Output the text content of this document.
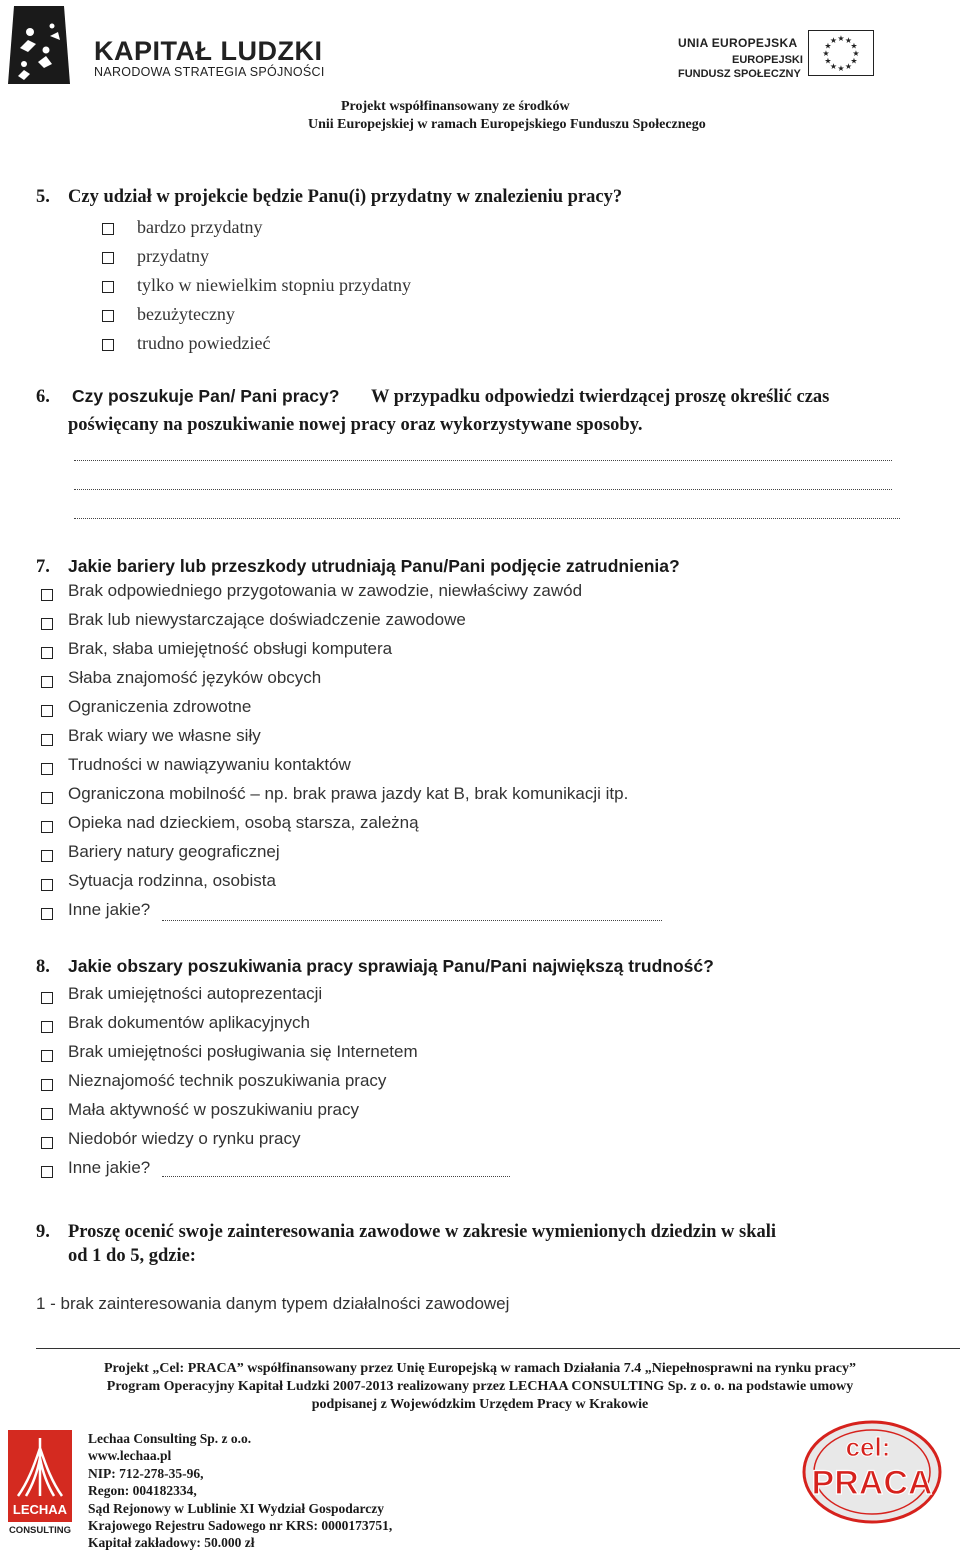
KAPITAŁ LUDZKI
NARODOWA STRATEGIA SPÓJNOŚCI
UNIA EUROPEJSKA
EUROPEJSKI
FUNDUSZ SPOŁECZNY
★
★
★
★
★
★
★
★
★ ★ ★
★
Projekt współfinansowany ze środków
Unii Europejskiej w ramach Europejskiego Funduszu Społecznego
5. Czy udział w projekcie będzie Panu(i) przydatny w znalezieniu pracy?
bardzo przydatny
przydatny
tylko w niewielkim stopniu przydatny
bezużyteczny
trudno powiedzieć
6. Czy poszukuje Pan/ Pani pracy? W przypadku odpowiedzi twierdzącej proszę określić czas
poświęcany na poszukiwanie nowej pracy oraz wykorzystywane sposoby.
7. Jakie bariery lub przeszkody utrudniają Panu/Pani podjęcie zatrudnienia?
Brak odpowiedniego przygotowania w zawodzie, niewłaściwy zawód
Brak lub niewystarczające doświadczenie zawodowe
Brak, słaba umiejętność obsługi komputera
Słaba znajomość języków obcych
Ograniczenia zdrowotne
Brak wiary we własne siły
Trudności w nawiązywaniu kontaktów
Ograniczona mobilność – np. brak prawa jazdy kat B, brak komunikacji itp.
Opieka nad dzieckiem, osobą starsza, zależną
Bariery natury geograficznej
Sytuacja rodzinna, osobista
Inne jakie?
8. Jakie obszary poszukiwania pracy sprawiają Panu/Pani największą trudność?
Brak umiejętności autoprezentacji
Brak dokumentów aplikacyjnych
Brak umiejętności posługiwania się Internetem
Nieznajomość technik poszukiwania pracy
Mała aktywność w poszukiwaniu pracy
Niedobór wiedzy o rynku pracy
Inne jakie?
9. Proszę ocenić swoje zainteresowania zawodowe w zakresie wymienionych dziedzin w skali
od 1 do 5, gdzie:
1 - brak zainteresowania danym typem działalności zawodowej
Projekt „Cel: PRACA” współfinansowany przez Unię Europejską w ramach Działania 7.4 „Niepełnosprawni na rynku pracy”
Program Operacyjny Kapitał Ludzki 2007-2013 realizowany przez LECHAA CONSULTING Sp. z o. o. na podstawie umowy
podpisanej z Wojewódzkim Urzędem Pracy w Krakowie
LECHAA
CONSULTING
Lechaa Consulting Sp. z o.o.
www.lechaa.pl
NIP: 712-278-35-96,
Regon: 004182334,
Sąd Rejonowy w Lublinie XI Wydział Gospodarczy
Krajowego Rejestru Sadowego nr KRS: 0000173751,
Kapitał zakładowy: 50.000 zł
cel:
PRACA
